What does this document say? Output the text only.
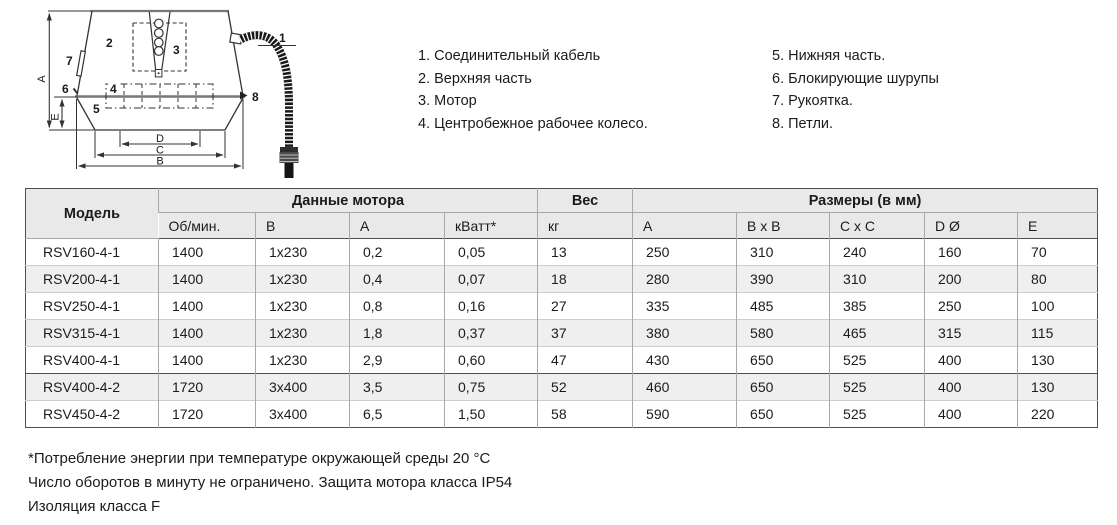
1
2	3
4
5
6
7
8
A
E
D
C
B
1. Соединительный кабель
2. Верхняя часть
3. Мотор
4. Центробежное рабочее колесо.
5. Нижняя часть.
6. Блокирующие шурупы
7. Рукоятка.
8. Петли.
Модель	Данные мотора				Вес	Размеры (в мм)				
	Об/мин.	В	А	кВатт*	кг	A	B x B	C x C	D Ø	E
RSV160-4-1	1400	1x230	0,2	0,05	13	250	310	240	160	70
RSV200-4-1	1400	1x230	0,4	0,07	18	280	390	310	200	80
RSV250-4-1	1400	1x230	0,8	0,16	27	335	485	385	250	100
RSV315-4-1	1400	1x230	1,8	0,37	37	380	580	465	315	115
RSV400-4-1	1400	1x230	2,9	0,60	47	430	650	525	400	130
RSV400-4-2	1720	3x400	3,5	0,75	52	460	650	525	400	130
RSV450-4-2	1720	3x400	6,5	1,50	58	590	650	525	400	220
*Потребление энергии при температуре окружающей среды 20 °C
Число оборотов в минуту не ограничено. Защита мотора класса IP54
Изоляция класса F
